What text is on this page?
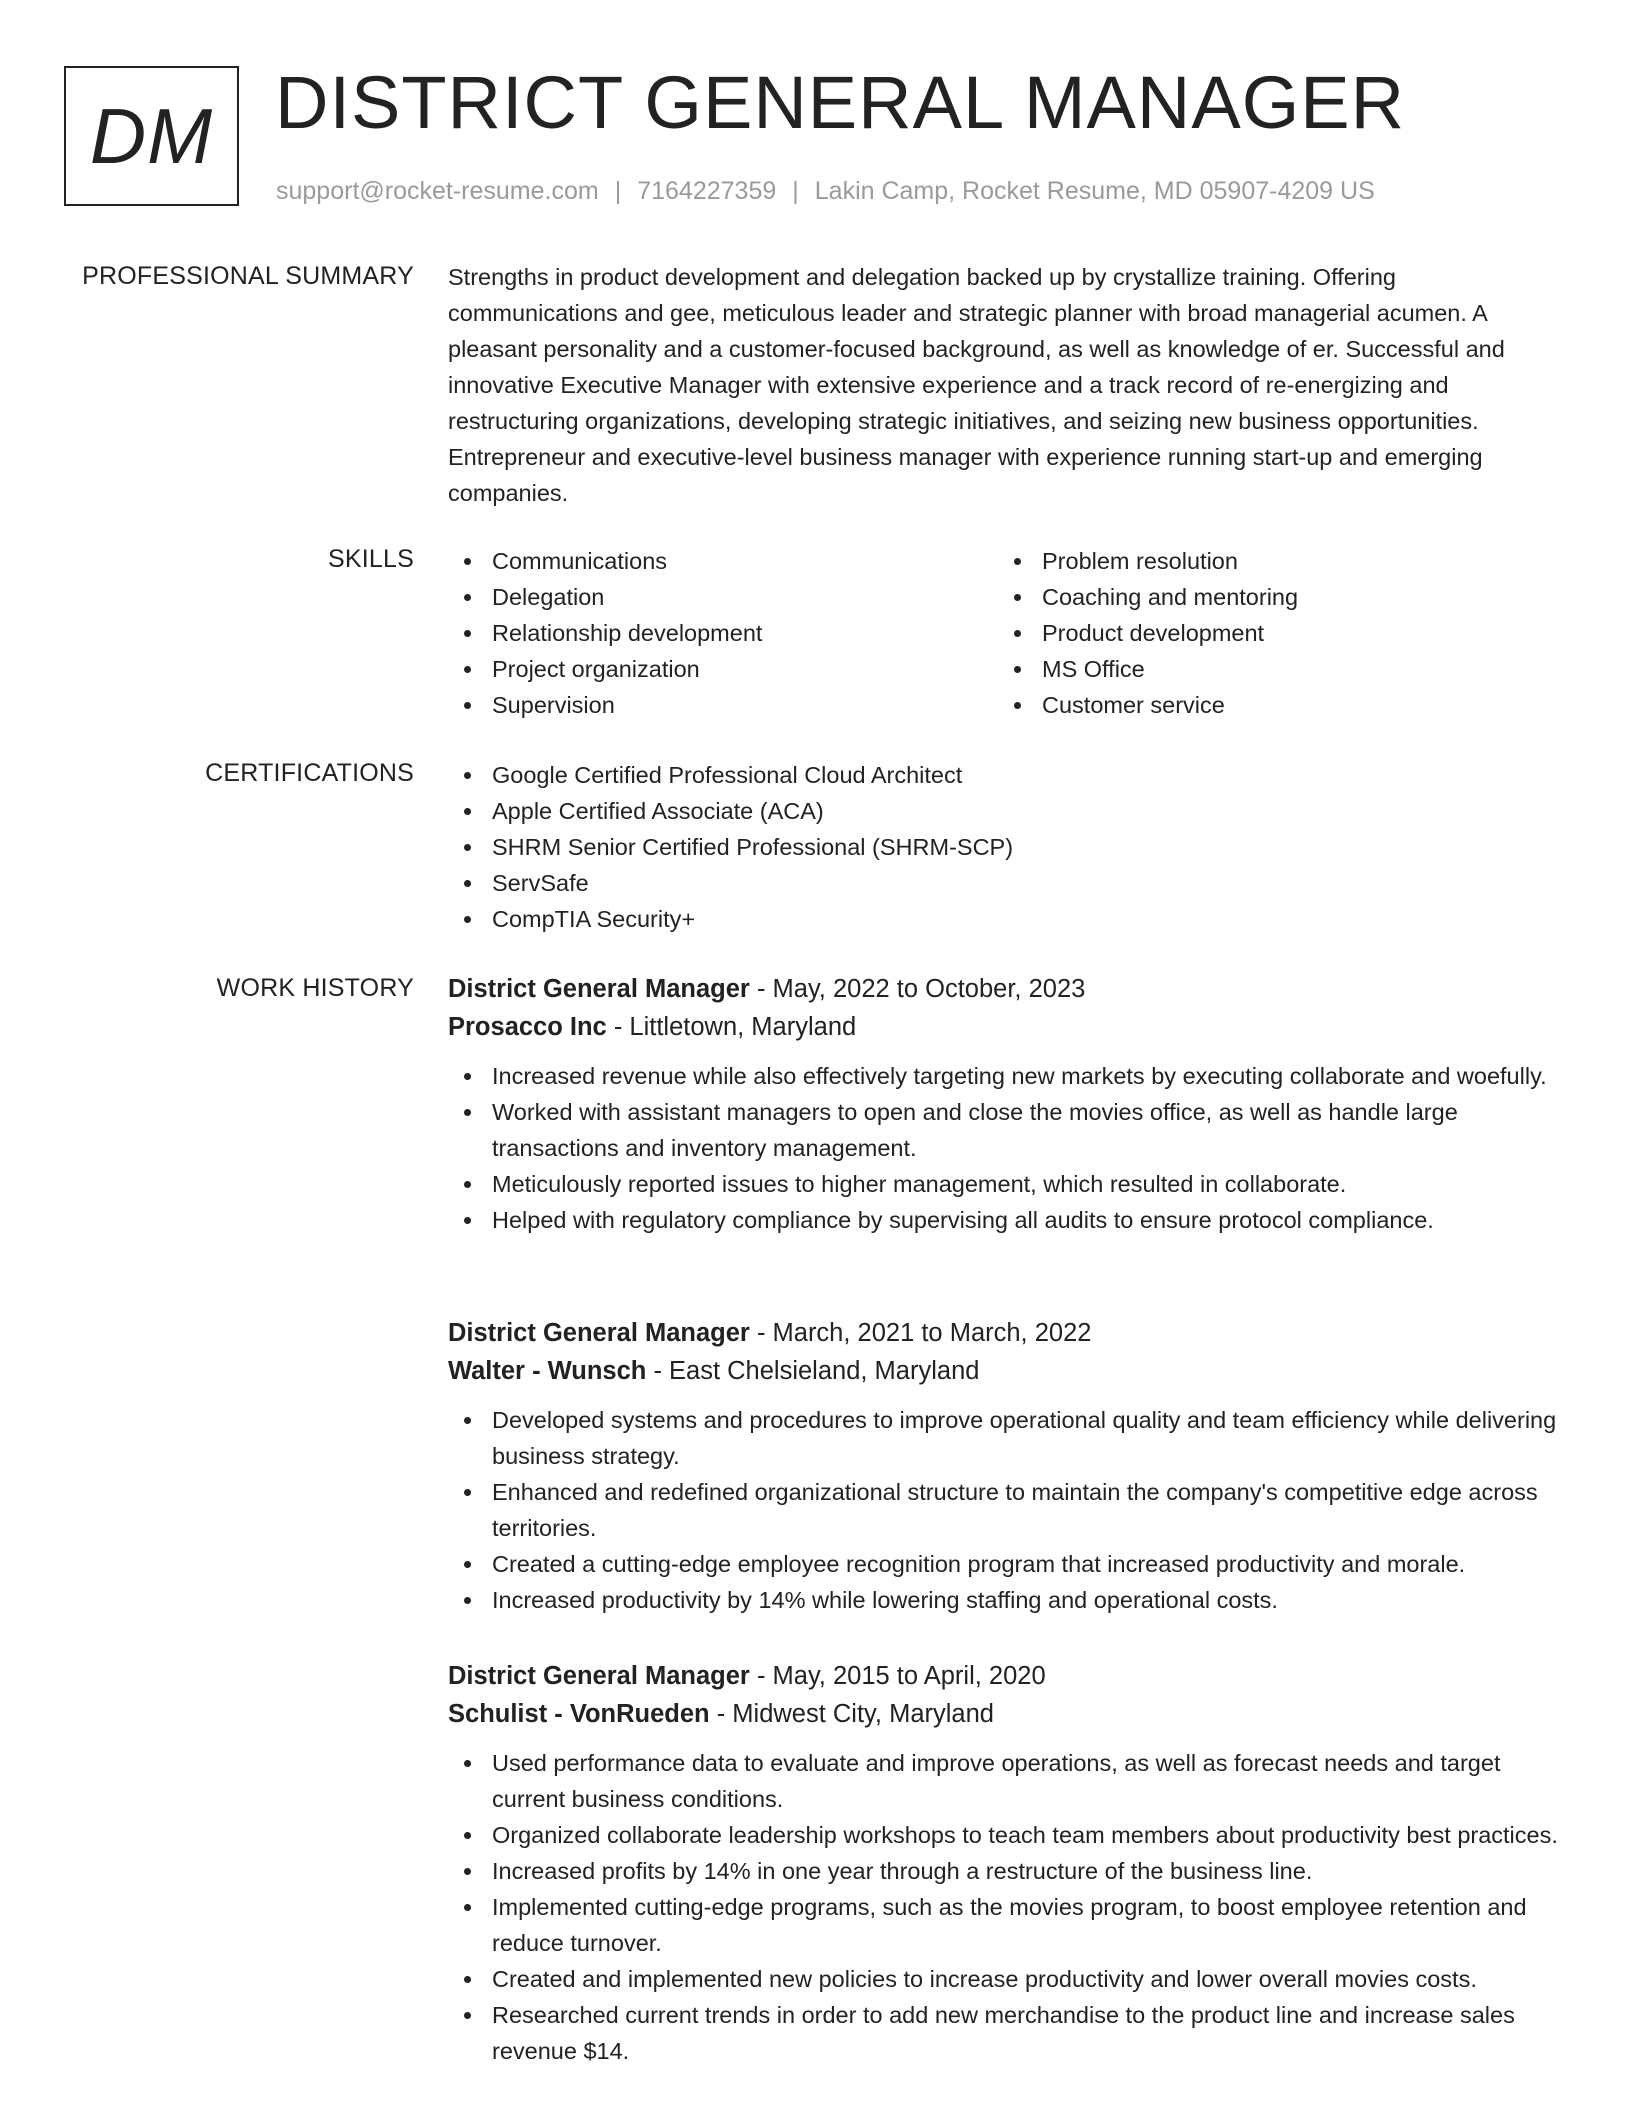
DM DISTRICT GENERAL MANAGER
support@rocket-resume.com | 7164227359 | Lakin Camp, Rocket Resume, MD 05907-4209 US
PROFESSIONAL SUMMARY Strengths in product development and delegation backed up by crystallize training. Offering communications and gee, meticulous leader and strategic planner with broad managerial acumen. A pleasant personality and a customer-focused background, as well as knowledge of er. Successful and innovative Executive Manager with extensive experience and a track record of re-energizing and restructuring organizations, developing strategic initiatives, and seizing new business opportunities. Entrepreneur and executive-level business manager with experience running start-up and emerging companies.

SKILLS	Communications
Delegation
Relationship development
Project organization
Supervision
Problem resolution
Coaching and mentoring
Product development
MS Office
Customer service
CERTIFICATIONS	Google Certified Professional Cloud Architect
Apple Certified Associate (ACA)
SHRM Senior Certified Professional (SHRM-SCP)
ServSafe
CompTIA Security+
WORK HISTORY District General Manager - May, 2022 to October, 2023

Prosacco Inc - Littletown, Maryland

Increased revenue while also effectively targeting new markets by executing collaborate and woefully.
Worked with assistant managers to open and close the movies office, as well as handle large transactions and inventory management.
Meticulously reported issues to higher management, which resulted in collaborate.
Helped with regulatory compliance by supervising all audits to ensure protocol compliance.

District General Manager - March, 2021 to March, 2022

Walter - Wunsch - East Chelsieland, Maryland

Developed systems and procedures to improve operational quality and team efficiency while delivering business strategy.
Enhanced and redefined organizational structure to maintain the company's competitive edge across territories.
Created a cutting-edge employee recognition program that increased productivity and morale.
Increased productivity by 14% while lowering staffing and operational costs.

District General Manager - May, 2015 to April, 2020

Schulist - VonRueden - Midwest City, Maryland

Used performance data to evaluate and improve operations, as well as forecast needs and target current business conditions.
Organized collaborate leadership workshops to teach team members about productivity best practices.
Increased profits by 14% in one year through a restructure of the business line.
Implemented cutting-edge programs, such as the movies program, to boost employee retention and reduce turnover.
Created and implemented new policies to increase productivity and lower overall movies costs.
Researched current trends in order to add new merchandise to the product line and increase sales revenue $14.
